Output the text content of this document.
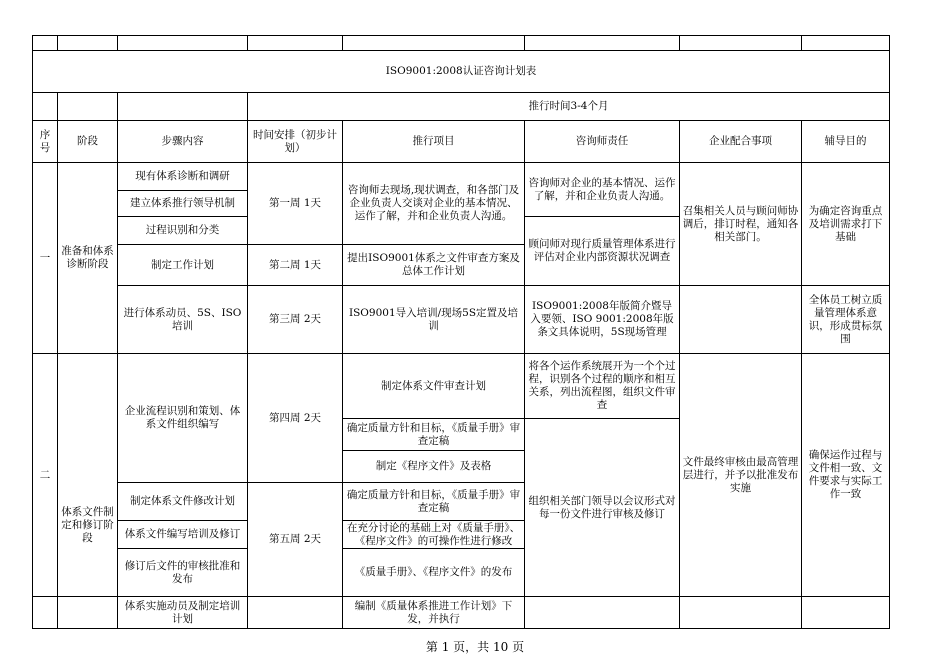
ISO9001:2008认证咨询计划表							
			推行时间3-4个月				
序号	阶段	步骤内容	时间安排（初步计划）	推行项目	咨询师责任	企业配合事项	辅导目的
一	准备和体系诊断阶段	现有体系诊断和调研	第一周 1天	咨询师去现场,现状调查，和各部门及企业负责人交谈对企业的基本情况、运作了解，并和企业负责人沟通。	咨询师对企业的基本情况、运作了解，并和企业负责人沟通。	召集相关人员与顾问师协调后，排订时程，通知各相关部门。	为确定咨询重点及培训需求打下基础
		建立体系推行领导机制					
		过程识别和分类			顾问师对现行质量管理体系进行评估对企业内部资源状况调查		
		制定工作计划	第二周 1天	提出ISO9001体系之文件审查方案及总体工作计划			
		进行体系动员、5S、ISO培训	第三周 2天	ISO9001导入培训/现场5S定置及培训	ISO9001:2008年版简介暨导入要领、ISO 9001:2008年版条文具体说明，5S现场管理		全体员工树立质量管理体系意识，形成贯标氛围

二	体系文件制定和修订阶段	企业流程识别和策划、体系文件组织编写	第四周 2天	制定体系文件审查计划	将各个运作系统展开为一个个过程，识别各个过程的顺序和相互关系，列出流程图，组织文件审查	文件最终审核由最高管理层进行，并予以批准发布实施	确保运作过程与文件相一致、文件要求与实际工作一致
				确定质量方针和目标，《质量手册》审查定稿	组织相关部门领导以会议形式对每一份文件进行审核及修订		
				制定《程序文件》及表格			
		制定体系文件修改计划	第五周 2天	确定质量方针和目标，《质量手册》审查定稿			
		体系文件编写培训及修订		在充分讨论的基础上对《质量手册》、《程序文件》的可操作性进行修改			
		修订后文件的审核批准和发布		《质量手册》、《程序文件》的发布			
		体系实施动员及制定培训计划		编制《质量体系推进工作计划》下发，并执行			
第 1 页，共 10 页
